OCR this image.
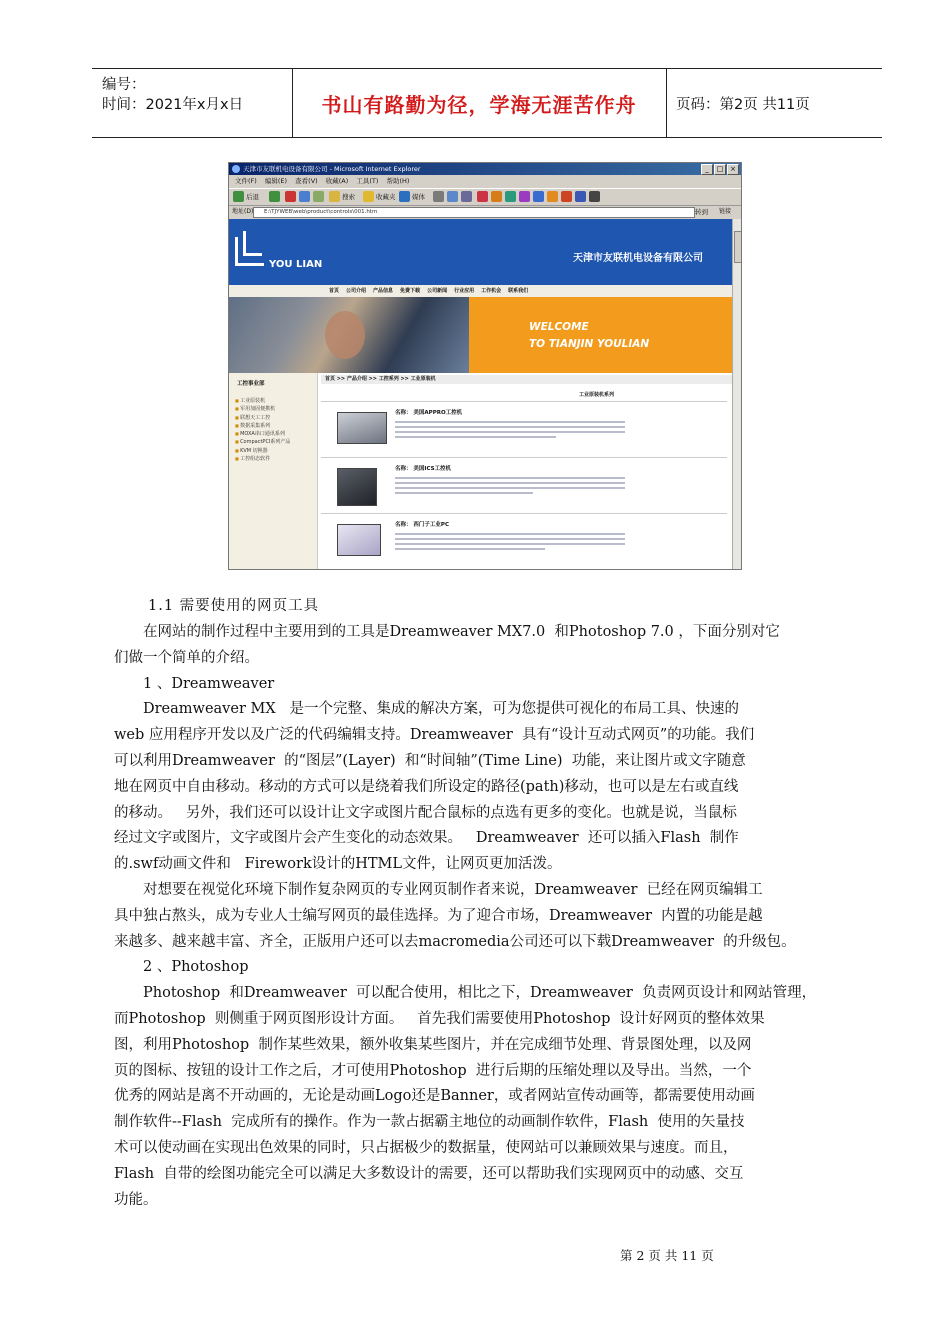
编号：
时间：2021年x月x日	书山有路勤为径，学海无涯苦作舟	页码：第2页 共11页
天津市友联机电设备有限公司 - Microsoft Internet Explorer	_	□ ×
文件(F) 编辑(E) 查看(V) 收藏(A) 工具(T) 帮助(H)
后退	搜索	收藏夹	媒体
地址(D)	E:\TJYWEB\web\product\controls\001.htm	转到 链接
YOU LIAN
天津市友联机电设备有限公司
首页 公司介绍 产品信息 免费下载 公司新闻 行业应用 工作机会 联系我们
WELCOME
TO TIANJIN YOULIAN
工控事业部
■ 工业原装机
■ 军用加固便携机
■ 联想天工工控
■ 数据采集系列
■ MOXA串口通讯系列
■ CompactPCI系列产品
■ KVM 切换器
■ 工控组态软件
首页 >> 产品介绍 >> 工控系列 >> 工业原装机
工业原装机系列
名称： 美国APPRO工控机
名称： 美国ICS工控机
名称： 西门子工业PC
1.1 需要使用的网页工具
　　在网站的制作过程中主要用到的工具是Dreamweaver MX7.0  和Photoshop 7.0 ，下面分别对它
们做一个简单的介绍。
　　1 、Dreamweaver
　　Dreamweaver MX   是一个完整、集成的解决方案，可为您提供可视化的布局工具、快速的
web 应用程序开发以及广泛的代码编辑支持。Dreamweaver  具有“设计互动式网页”的功能。我们
可以利用Dreamweaver  的“图层”(Layer)  和“时间轴”(Time Line)  功能，来让图片或文字随意
地在网页中自由移动。移动的方式可以是绕着我们所设定的路径(path)移动，也可以是左右或直线
的移动。   另外，我们还可以设计让文字或图片配合鼠标的点选有更多的变化。也就是说，当鼠标
经过文字或图片，文字或图片会产生变化的动态效果。   Dreamweaver  还可以插入Flash  制作
的.swf动画文件和   Firework设计的HTML文件，让网页更加活泼。
　　对想要在视觉化环境下制作复杂网页的专业网页制作者来说，Dreamweaver  已经在网页编辑工
具中独占熬头，成为专业人士编写网页的最佳选择。为了迎合市场，Dreamweaver  内置的功能是越
来越多、越来越丰富、齐全，正版用户还可以去macromedia公司还可以下载Dreamweaver  的升级包。
　　2 、Photoshop
　　Photoshop  和Dreamweaver  可以配合使用，相比之下，Dreamweaver  负责网页设计和网站管理，
而Photoshop  则侧重于网页图形设计方面。   首先我们需要使用Photoshop  设计好网页的整体效果
图，利用Photoshop  制作某些效果，额外收集某些图片，并在完成细节处理、背景图处理，以及网
页的图标、按钮的设计工作之后，才可使用Photoshop  进行后期的压缩处理以及导出。当然，一个
优秀的网站是离不开动画的，无论是动画Logo还是Banner，或者网站宣传动画等，都需要使用动画
制作软件--Flash  完成所有的操作。作为一款占据霸主地位的动画制作软件，Flash  使用的矢量技
术可以使动画在实现出色效果的同时，只占据极少的数据量，使网站可以兼顾效果与速度。而且，
Flash  自带的绘图功能完全可以满足大多数设计的需要，还可以帮助我们实现网页中的动感、交互
功能。
第 2 页 共 11 页
